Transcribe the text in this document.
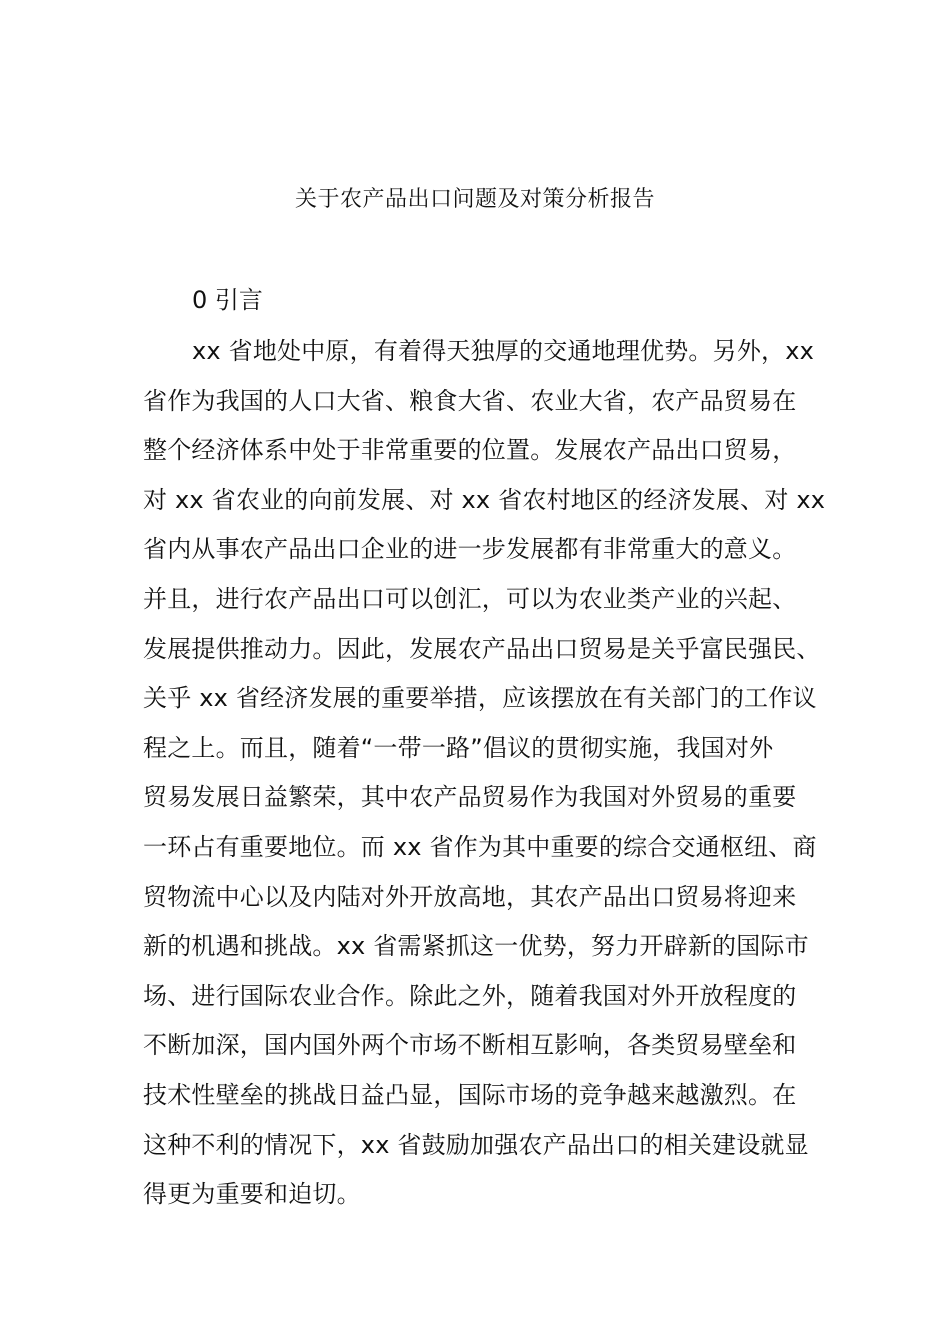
关于农产品出口问题及对策分析报告
0 引言
xx 省地处中原，有着得天独厚的交通地理优势。另外，xx
省作为我国的人口大省、粮食大省、农业大省，农产品贸易在
整个经济体系中处于非常重要的位置。发展农产品出口贸易，
对 xx 省农业的向前发展、对 xx 省农村地区的经济发展、对 xx
省内从事农产品出口企业的进一步发展都有非常重大的意义。
并且，进行农产品出口可以创汇，可以为农业类产业的兴起、
发展提供推动力。因此，发展农产品出口贸易是关乎富民强民、
关乎 xx 省经济发展的重要举措，应该摆放在有关部门的工作议
程之上。而且，随着“一带一路”倡议的贯彻实施，我国对外
贸易发展日益繁荣，其中农产品贸易作为我国对外贸易的重要
一环占有重要地位。而 xx 省作为其中重要的综合交通枢纽、商
贸物流中心以及内陆对外开放高地，其农产品出口贸易将迎来
新的机遇和挑战。xx 省需紧抓这一优势，努力开辟新的国际市
场、进行国际农业合作。除此之外，随着我国对外开放程度的
不断加深，国内国外两个市场不断相互影响，各类贸易壁垒和
技术性壁垒的挑战日益凸显，国际市场的竞争越来越激烈。在
这种不利的情况下，xx 省鼓励加强农产品出口的相关建设就显
得更为重要和迫切。
